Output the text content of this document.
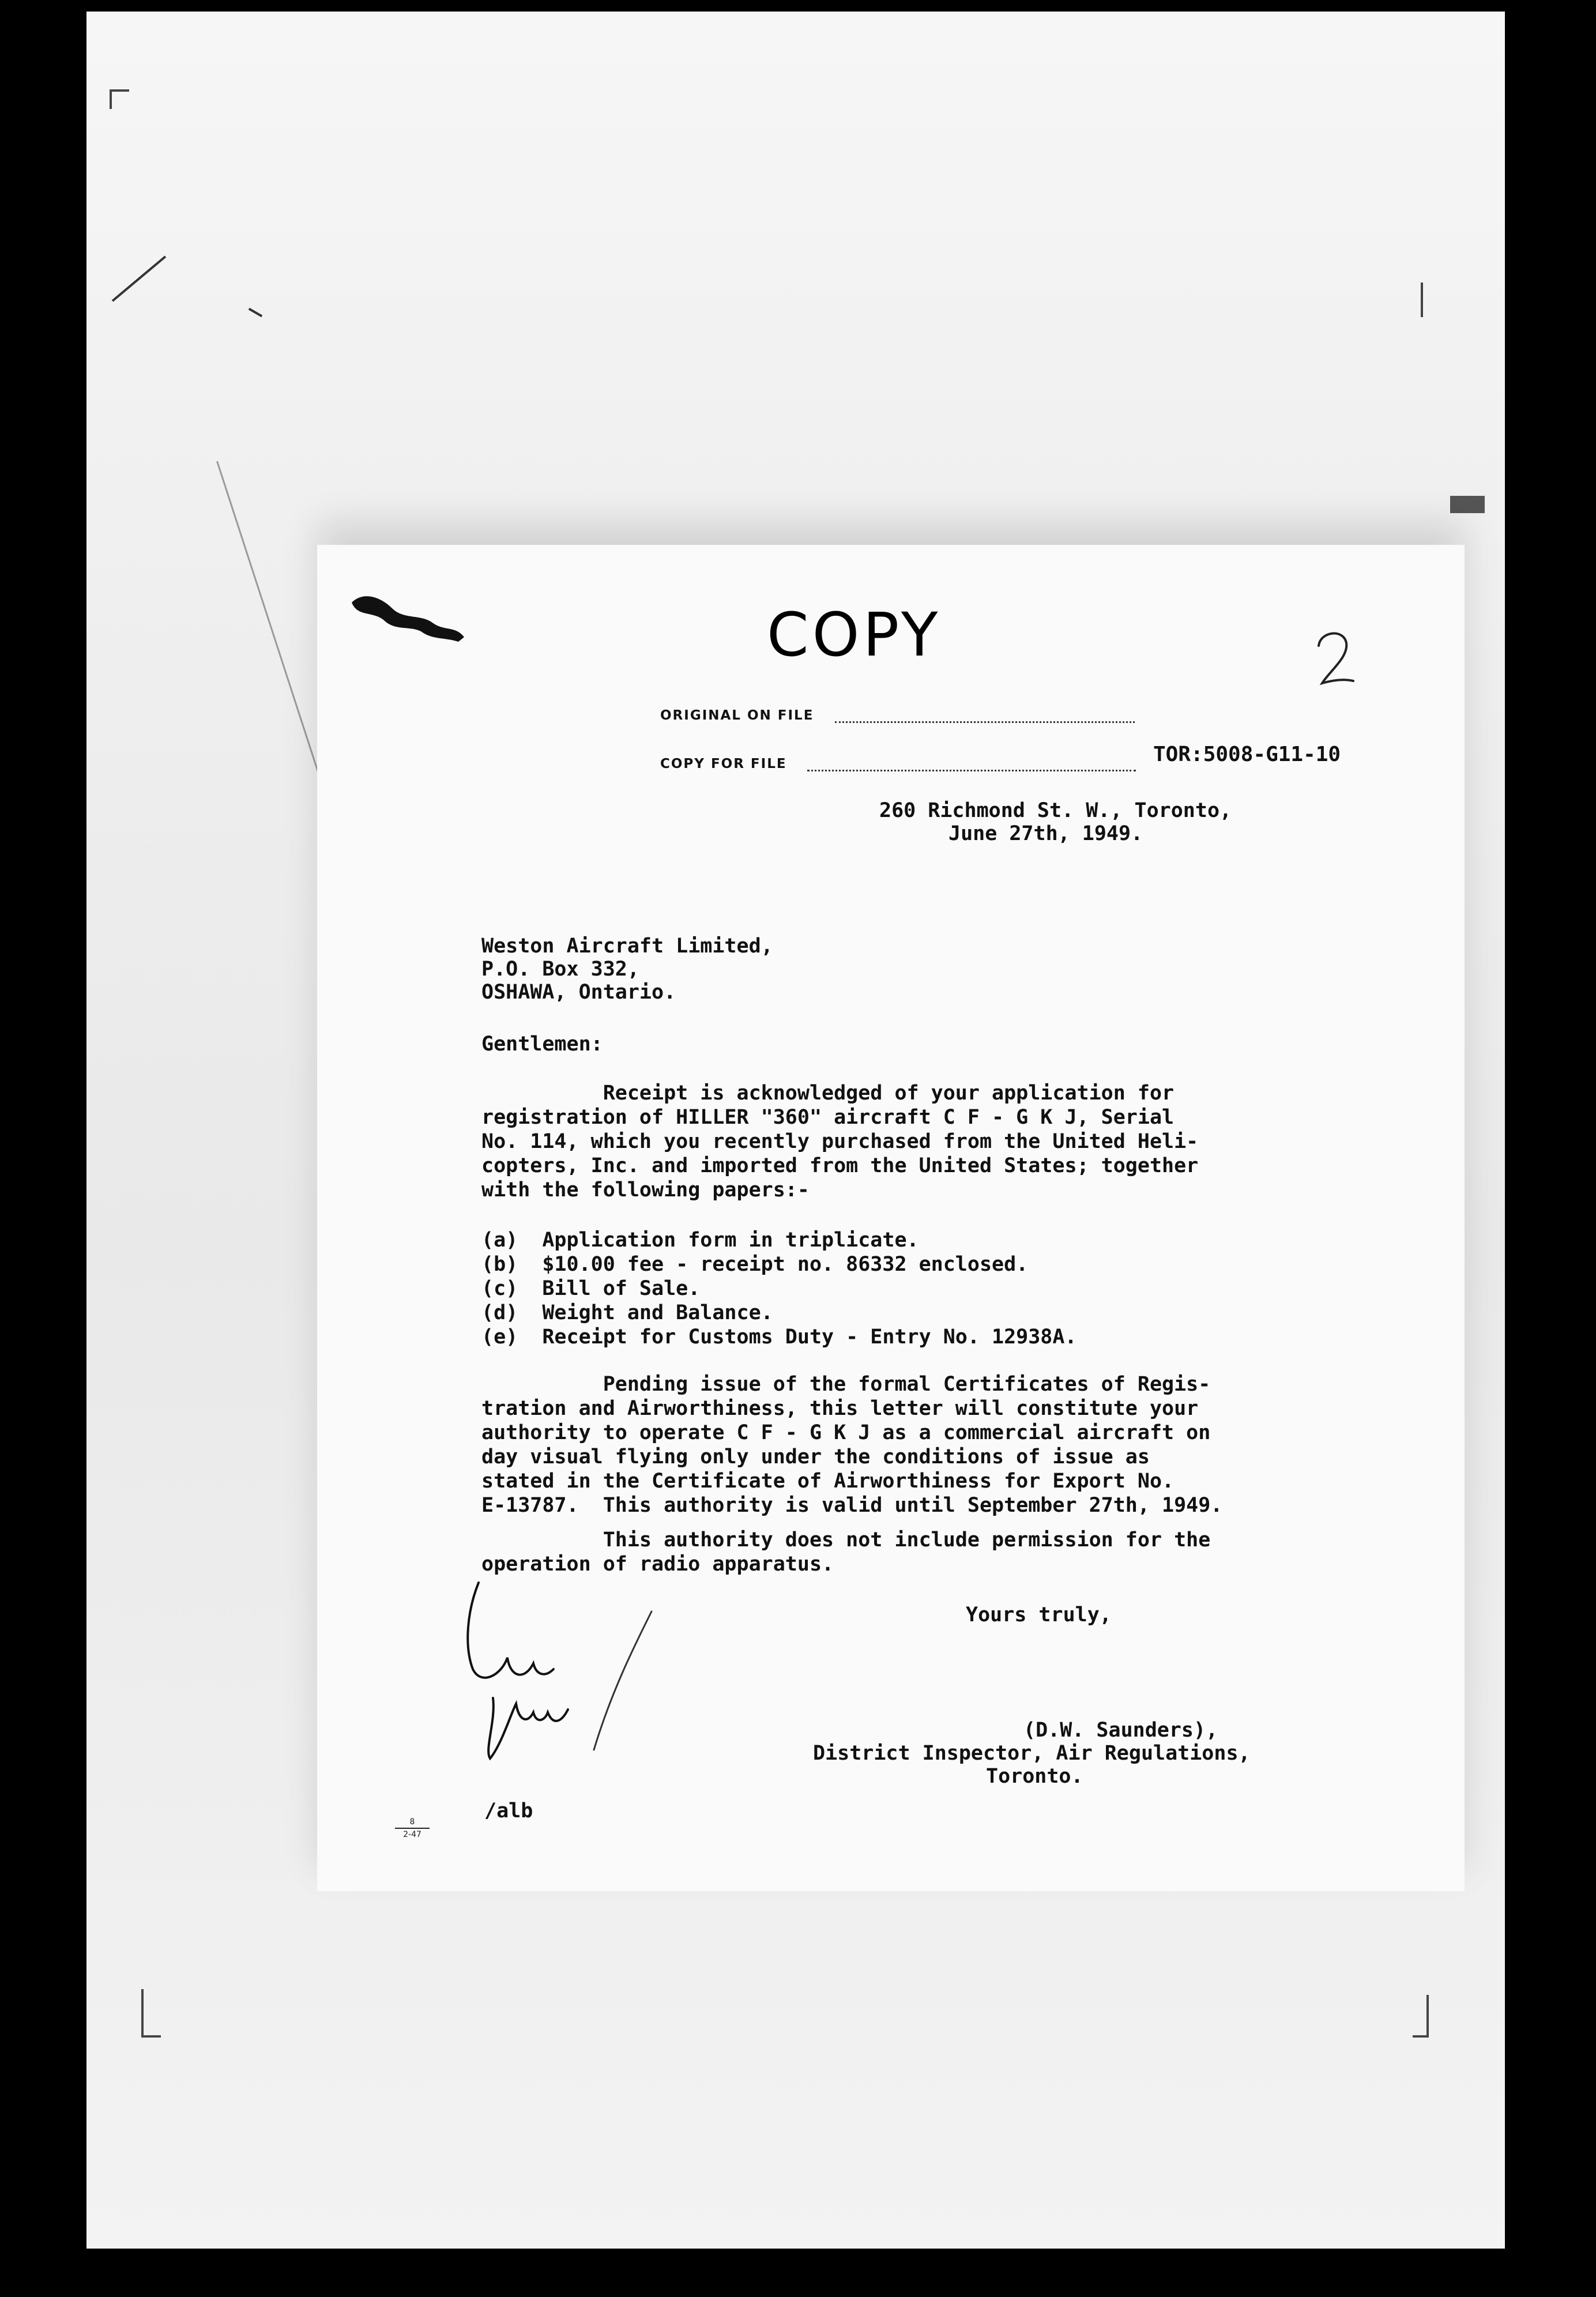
COPY
ORIGINAL ON FILE
COPY FOR FILE	TOR:5008-G11-10
260 Richmond St. W., Toronto,
June 27th, 1949.
Weston Aircraft Limited,
P.O. Box 332,
OSHAWA, Ontario.
Gentlemen:
Receipt is acknowledged of your application for
registration of HILLER "360" aircraft C F - G K J, Serial
No. 114, which you recently purchased from the United Heli-
copters, Inc. and imported from the United States; together
with the following papers:-
(a)  Application form in triplicate.
(b)  $10.00 fee - receipt no. 86332 enclosed.
(c)  Bill of Sale.
(d)  Weight and Balance.
(e)  Receipt for Customs Duty - Entry No. 12938A.
Pending issue of the formal Certificates of Regis-
tration and Airworthiness, this letter will constitute your
authority to operate C F - G K J as a commercial aircraft on
day visual flying only under the conditions of issue as
stated in the Certificate of Airworthiness for Export No.
E-13787.  This authority is valid until September 27th, 1949.
This authority does not include permission for the
operation of radio apparatus.
Yours truly,
(D.W. Saunders),
District Inspector, Air Regulations,
Toronto.
/alb
8
2-47
